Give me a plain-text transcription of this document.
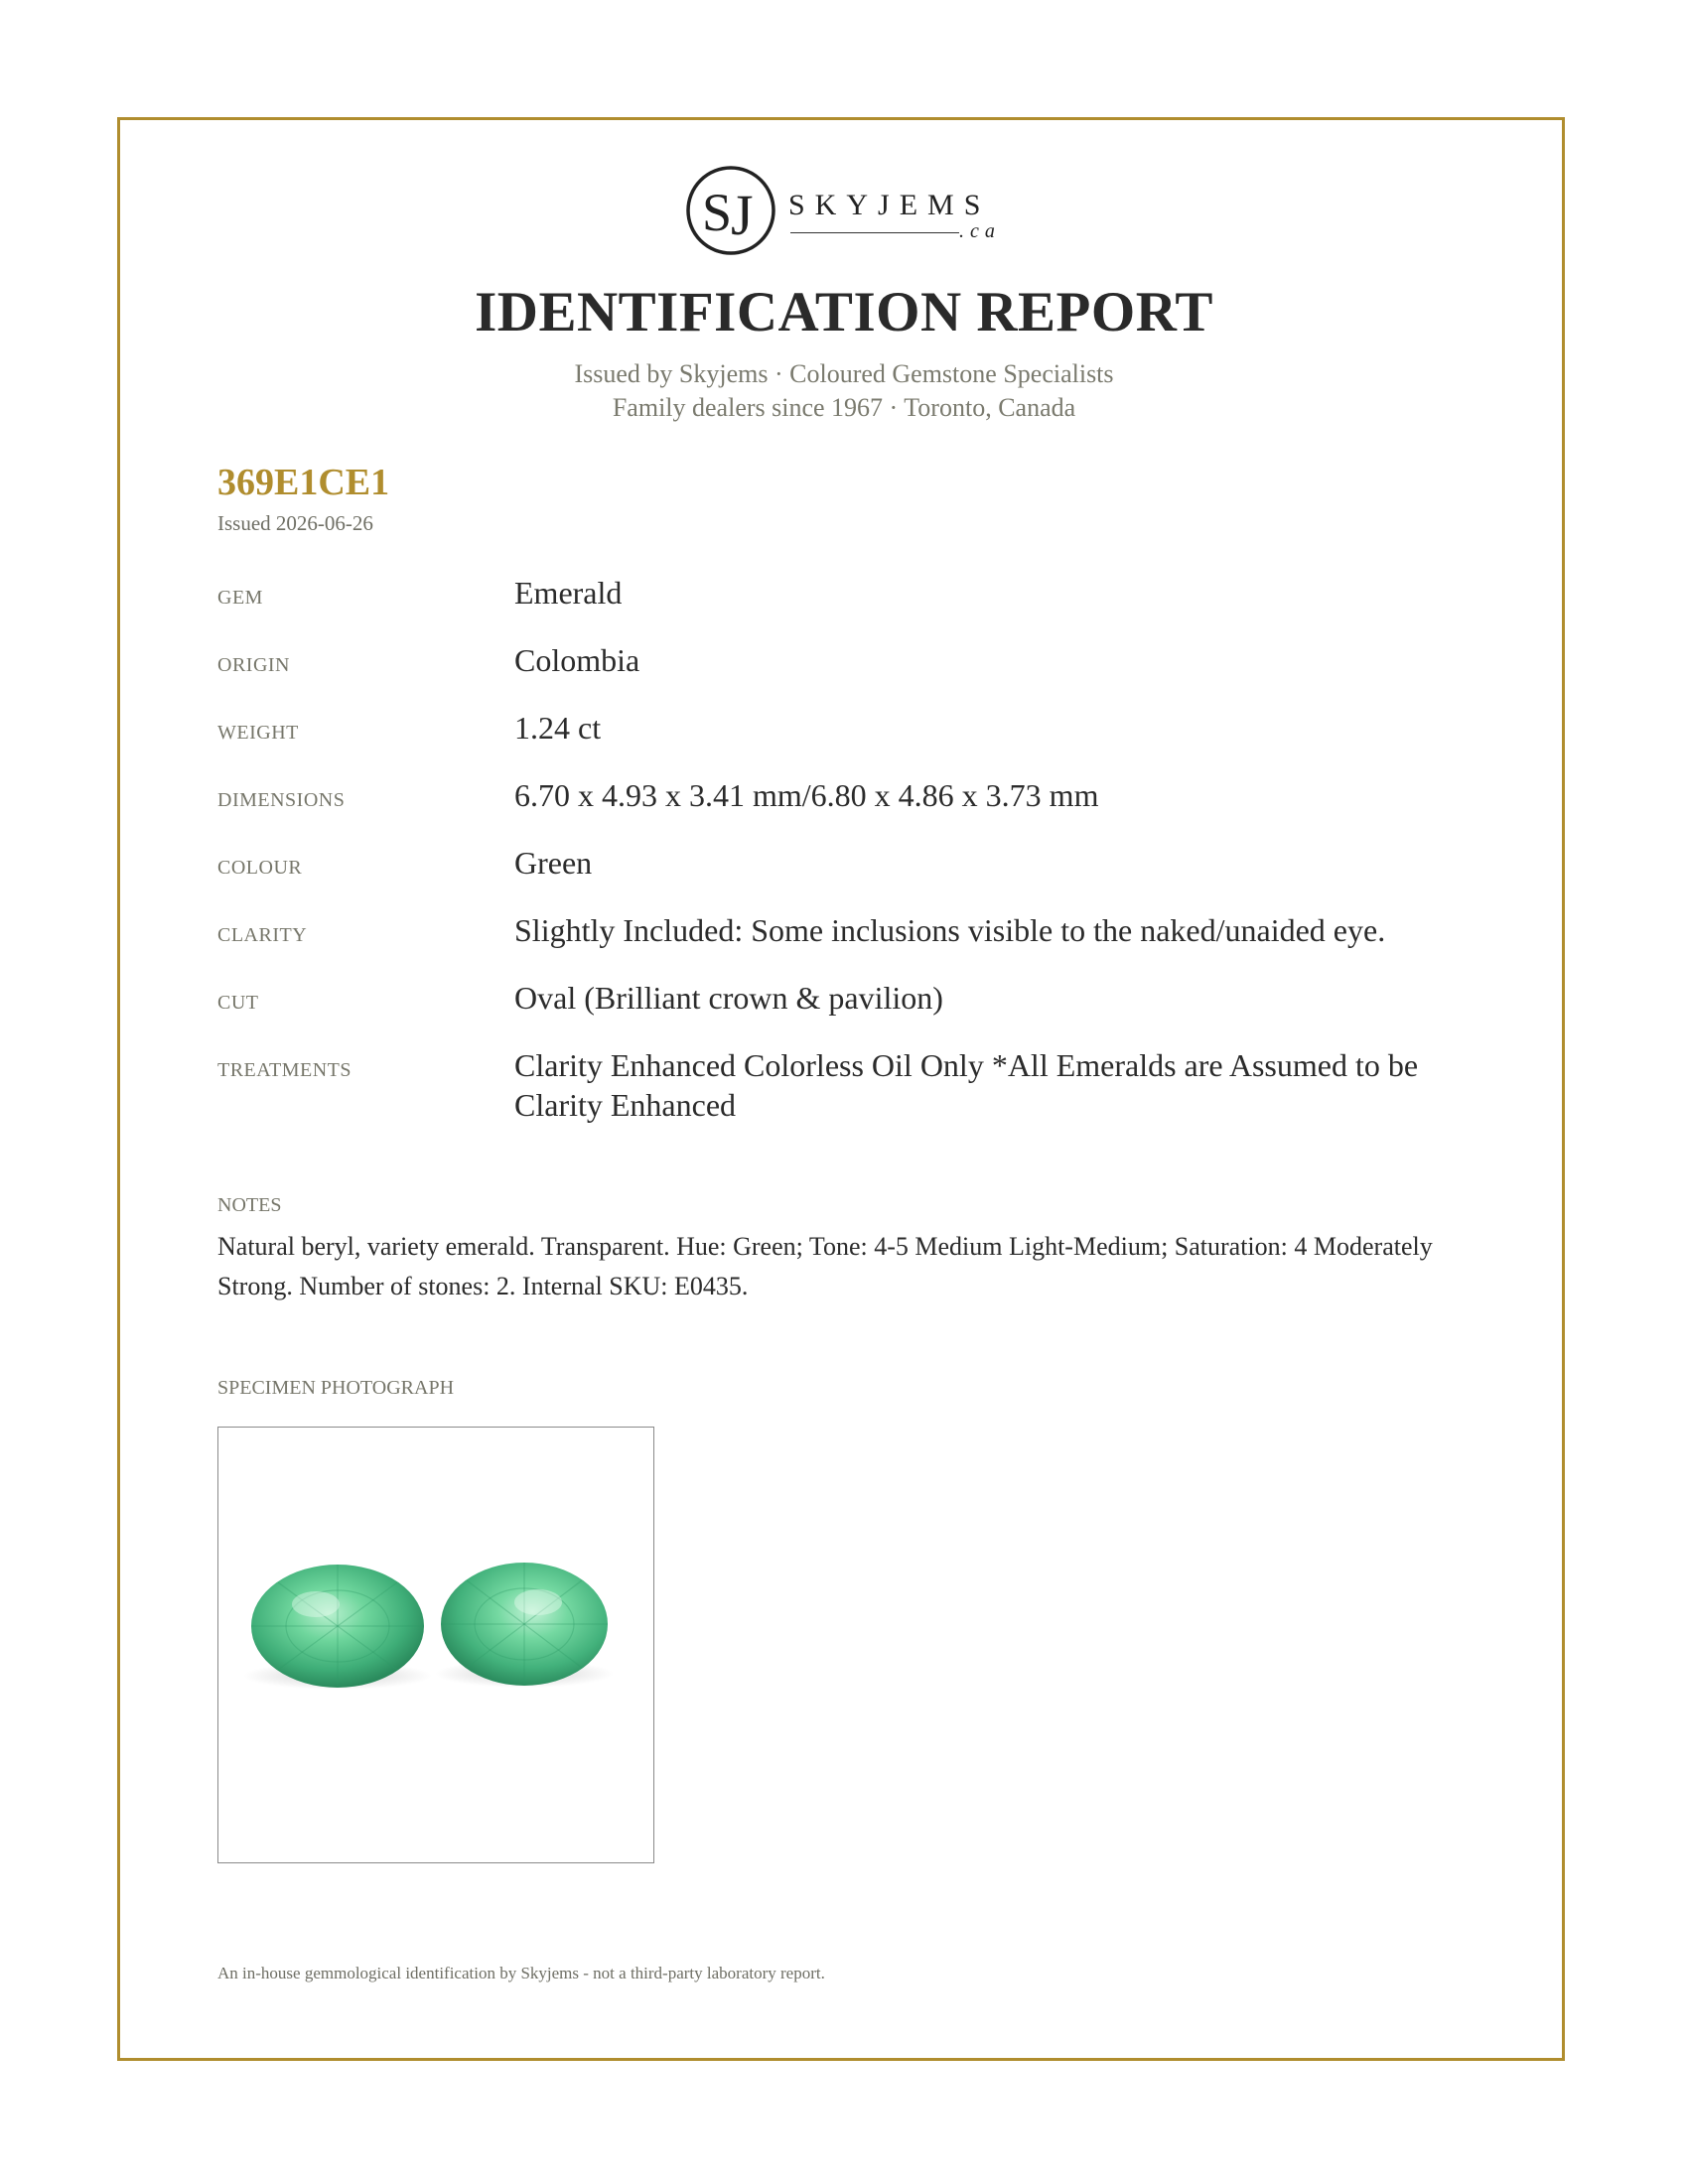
S
J SKYJEMS
.ca
IDENTIFICATION REPORT
Issued by Skyjems · Coloured Gemstone Specialists
Family dealers since 1967 · Toronto, Canada
369E1CE1
Issued 2026-06-26
GEM	Emerald
ORIGIN	Colombia
WEIGHT	1.24 ct
DIMENSIONS	6.70 x 4.93 x 3.41 mm/6.80 x 4.86 x 3.73 mm
COLOUR	Green
CLARITY	Slightly Included: Some inclusions visible to the naked/unaided eye.
CUT	Oval (Brilliant crown & pavilion)
TREATMENTS	Clarity Enhanced Colorless Oil Only *All Emeralds are Assumed to be Clarity Enhanced
NOTES
Natural beryl, variety emerald. Transparent. Hue: Green; Tone: 4-5 Medium Light-Medium; Saturation: 4 Moderately Strong. Number of stones: 2. Internal SKU: E0435.
SPECIMEN PHOTOGRAPH
An in-house gemmological identification by Skyjems - not a third-party laboratory report.
